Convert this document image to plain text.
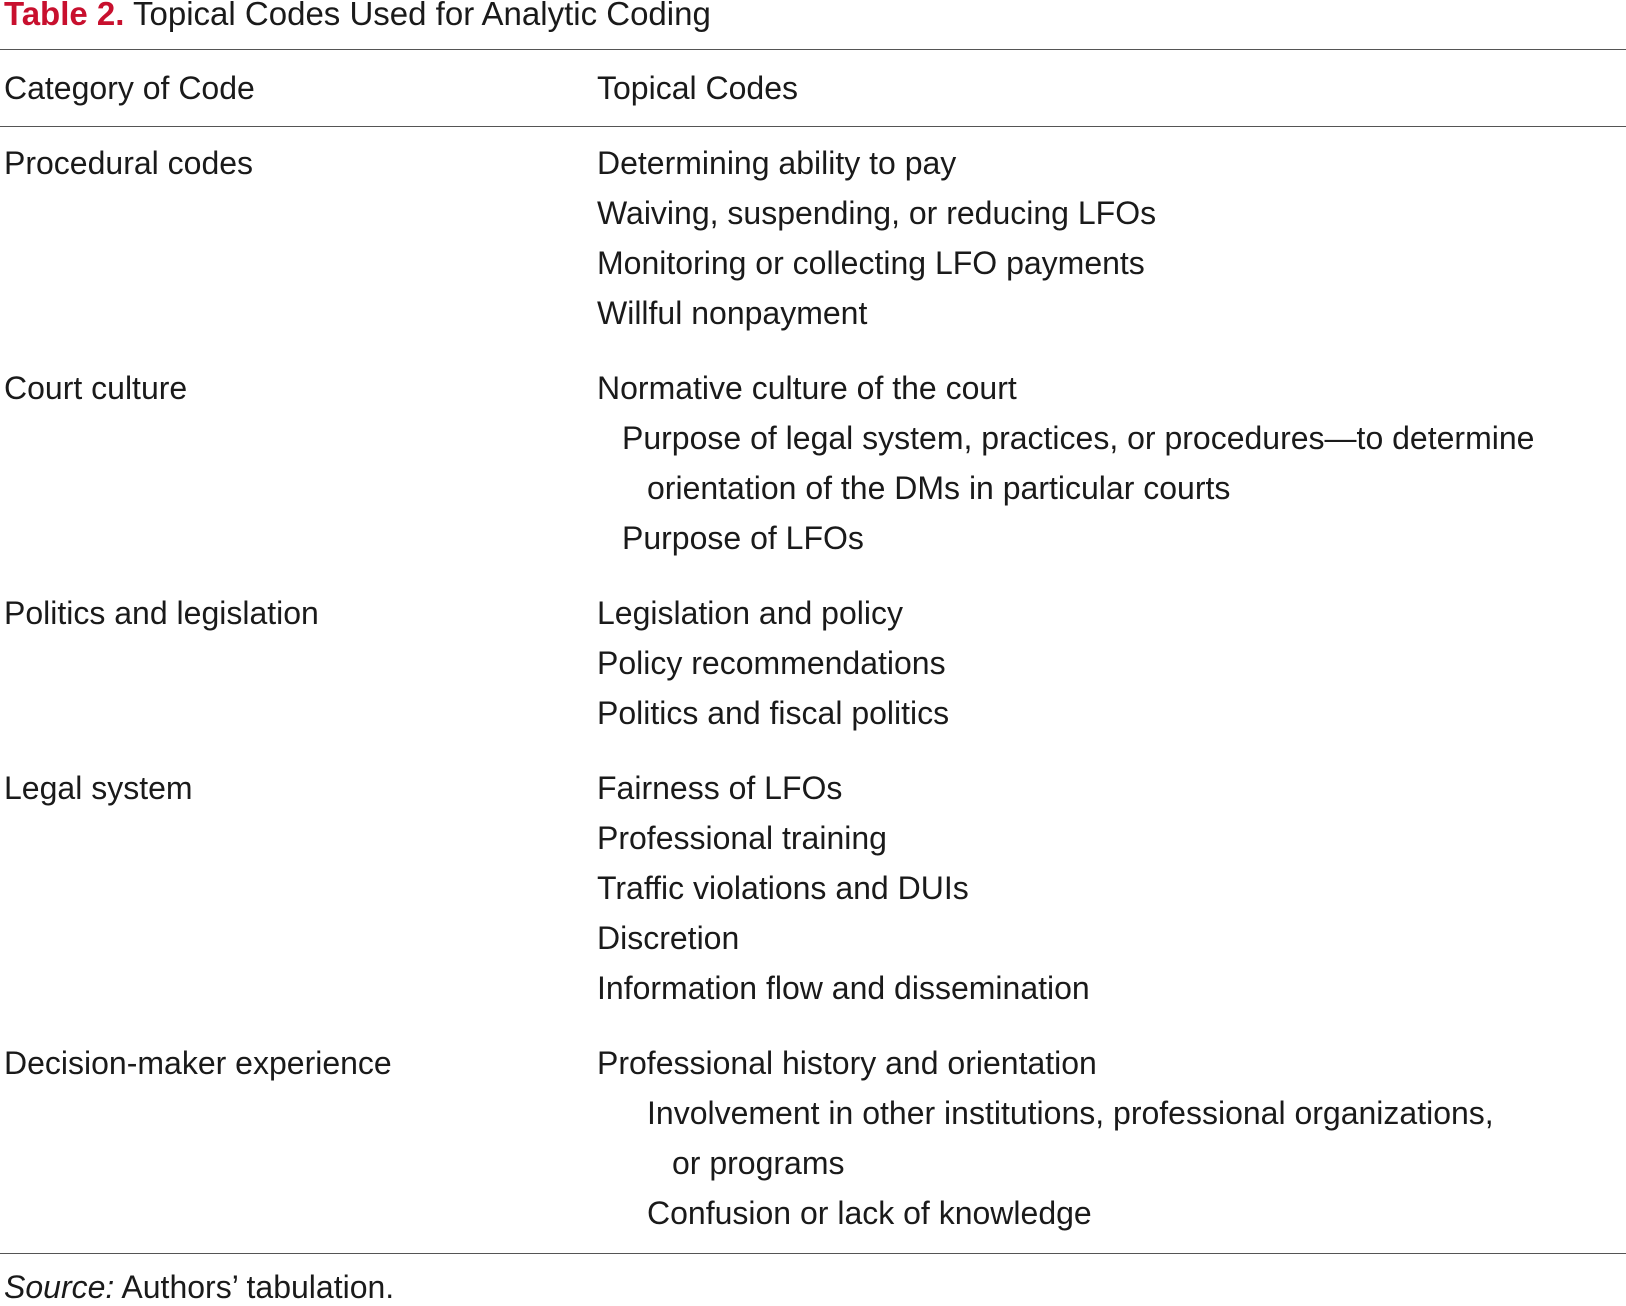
Table 2. Topical Codes Used for Analytic Coding
Category of Code	Topical Codes
Procedural codes	Determining ability to pay
Waiving, suspending, or reducing LFOs
Monitoring or collecting LFO payments
Willful nonpayment
Court culture	Normative culture of the court
Purpose of legal system, practices, or procedures—to determine
orientation of the DMs in particular courts
Purpose of LFOs
Politics and legislation	Legislation and policy
Policy recommendations
Politics and fiscal politics
Legal system	Fairness of LFOs
Professional training
Traffic violations and DUIs
Discretion
Information flow and dissemination
Decision-maker experience	Professional history and orientation
Involvement in other institutions, professional organizations,
or programs
Confusion or lack of knowledge
Source: Authors’ tabulation.
